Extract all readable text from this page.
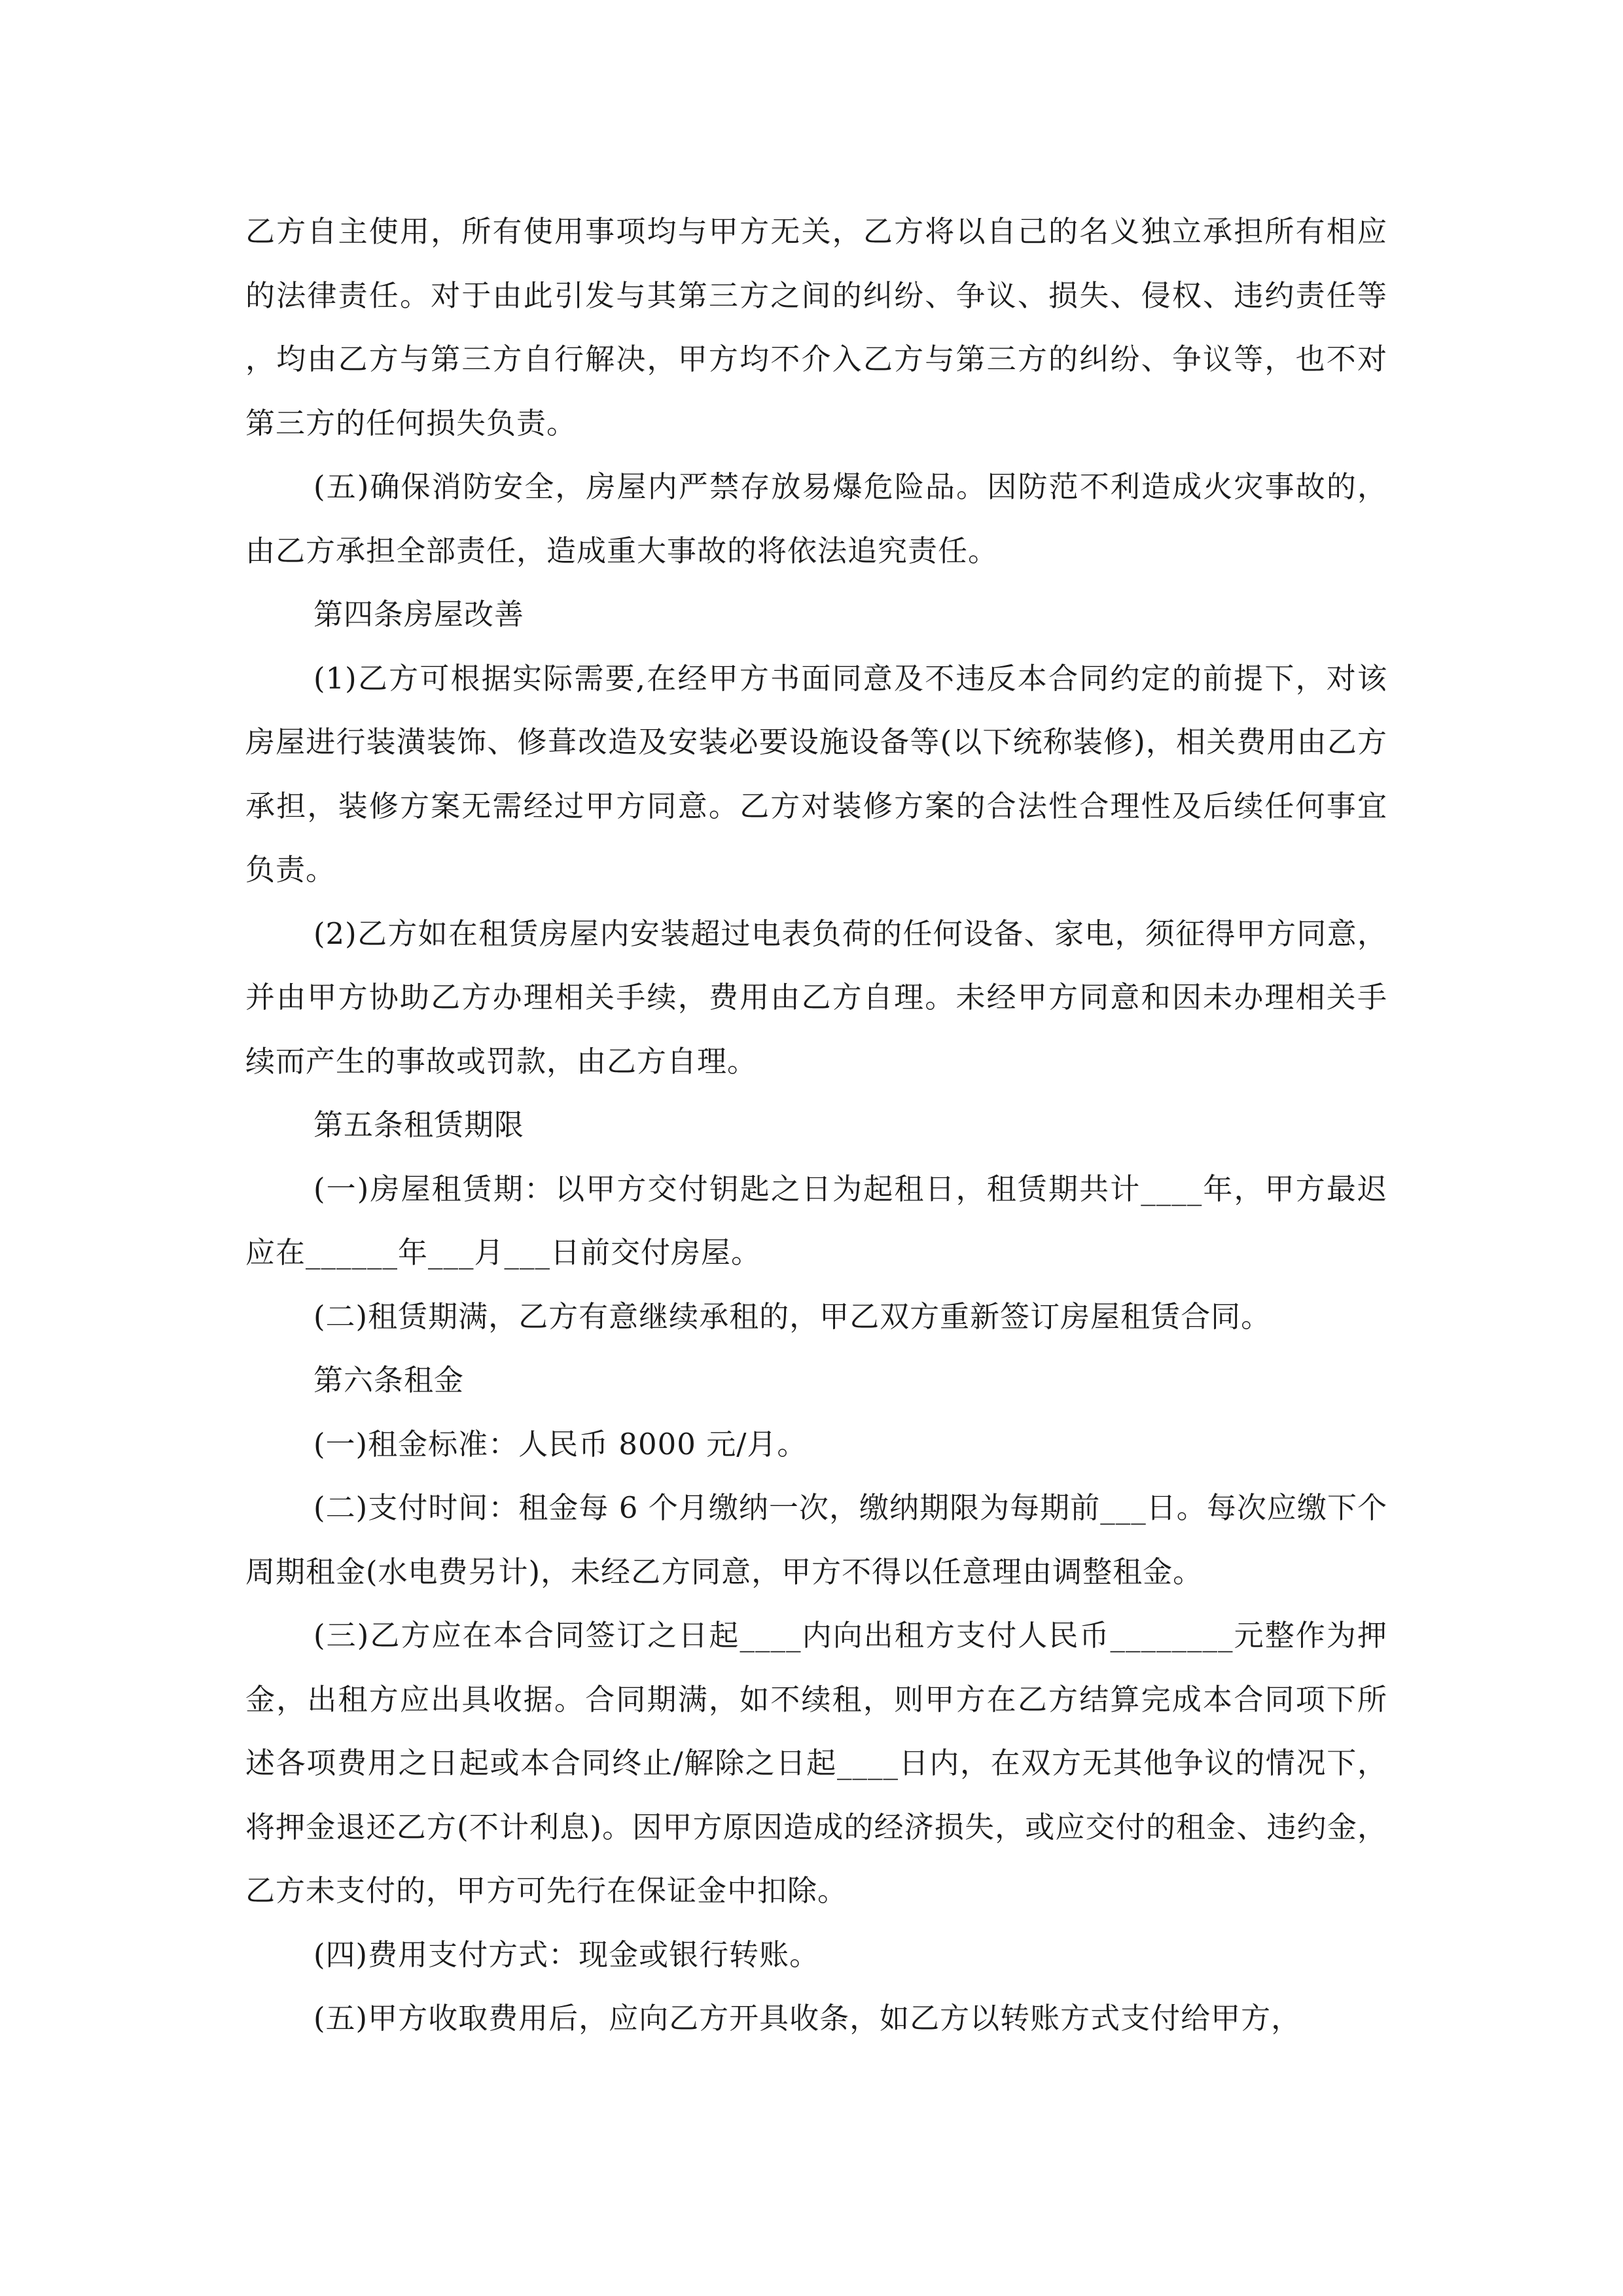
乙方自主使用，所有使用事项均与甲方无关，乙方将以自己的名义独立承担所有相应的法律责任。对于由此引发与其第三方之间的纠纷、争议、损失、侵权、违约责任等，均由乙方与第三方自行解决，甲方均不介入乙方与第三方的纠纷、争议等，也不对第三方的任何损失负责。

(五)确保消防安全，房屋内严禁存放易爆危险品。因防范不利造成火灾事故的，由乙方承担全部责任，造成重大事故的将依法追究责任。

第四条房屋改善

(1)乙方可根据实际需要,在经甲方书面同意及不违反本合同约定的前提下，对该房屋进行装潢装饰、修葺改造及安装必要设施设备等(以下统称装修)，相关费用由乙方承担，装修方案无需经过甲方同意。乙方对装修方案的合法性合理性及后续任何事宜负责。

(2)乙方如在租赁房屋内安装超过电表负荷的任何设备、家电，须征得甲方同意，并由甲方协助乙方办理相关手续，费用由乙方自理。未经甲方同意和因未办理相关手续而产生的事故或罚款，由乙方自理。

第五条租赁期限

(一)房屋租赁期：以甲方交付钥匙之日为起租日，租赁期共计____年，甲方最迟应在______年___月___日前交付房屋。

(二)租赁期满，乙方有意继续承租的，甲乙双方重新签订房屋租赁合同。

第六条租金

(一)租金标准：人民币 8000 元/月。

(二)支付时间：租金每 6 个月缴纳一次，缴纳期限为每期前___日。每次应缴下个周期租金(水电费另计)，未经乙方同意，甲方不得以任意理由调整租金。

(三)乙方应在本合同签订之日起____内向出租方支付人民币________元整作为押金，出租方应出具收据。合同期满，如不续租，则甲方在乙方结算完成本合同项下所述各项费用之日起或本合同终止/解除之日起____日内，在双方无其他争议的情况下，将押金退还乙方(不计利息)。因甲方原因造成的经济损失，或应交付的租金、违约金，乙方未支付的，甲方可先行在保证金中扣除。

(四)费用支付方式：现金或银行转账。

(五)甲方收取费用后，应向乙方开具收条，如乙方以转账方式支付给甲方，
